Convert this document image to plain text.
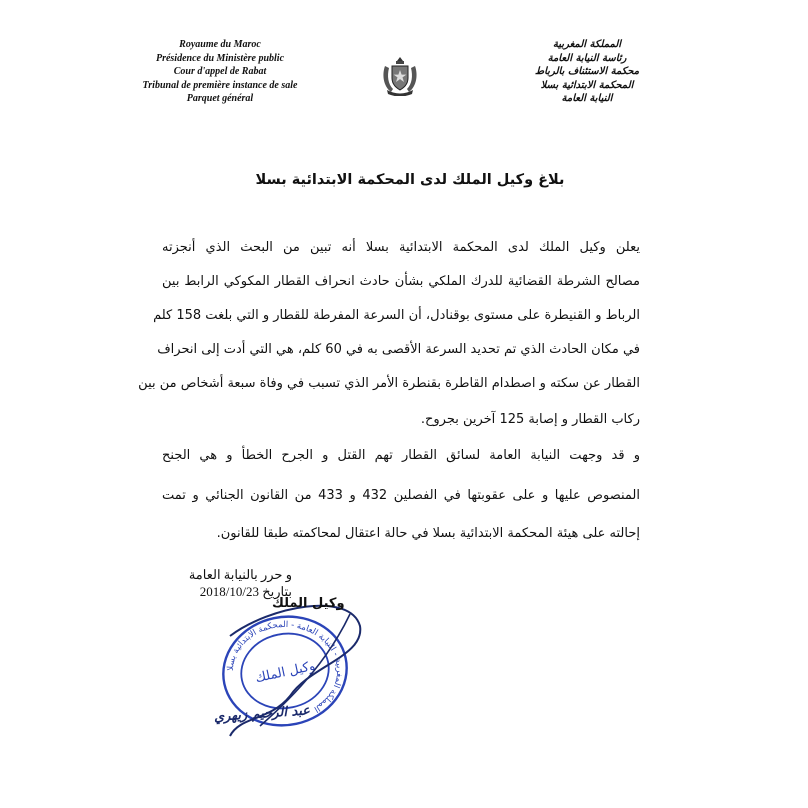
Royaume du Maroc
Présidence du Ministère public
Cour d'appel de Rabat
Tribunal de première instance de sale
Parquet général
المملكة المغربية
رئاسة النيابة العامة
محكمة الاستئناف بالرباط
المحكمة الابتدائية بسلا
النيابة العامة
بلاغ وكيل الملك لدى المحكمة الابتدائية بسلا
يعلن وكيل الملك لدى المحكمة الابتدائية بسلا أنه تبين من البحث الذي أنجزته
مصالح الشرطة القضائية للدرك الملكي بشأن حادث انحراف القطار المكوكي الرابط بين
الرباط و القنيطرة على مستوى بوقنادل، أن السرعة المفرطة للقطار و التي بلغت 158 كلم
في مكان الحادث الذي تم تحديد السرعة الأقصى به في 60 كلم، هي التي أدت إلى انحراف
القطار عن سكته و اصطدام القاطرة بقنطرة الأمر الذي تسبب في وفاة سبعة أشخاص من بين
ركاب القطار و إصابة 125 آخرين بجروح.
و قد وجهت النيابة العامة لسائق القطار تهم القتل و الجرح الخطأ و هي الجنح
المنصوص عليها و على عقوبتها في الفصلين 432 و 433 من القانون الجنائي و تمت
إحالته على هيئة المحكمة الابتدائية بسلا في حالة اعتقال لمحاكمته طبقا للقانون.
و حرر بالنيابة العامة
بتاريخ 2018/10/23
المملكة المغربية - النيابة العامة - المحكمة الابتدائية بسلا
وكيل الملك
وكيل الملك
عبد الرحيم زيهري
